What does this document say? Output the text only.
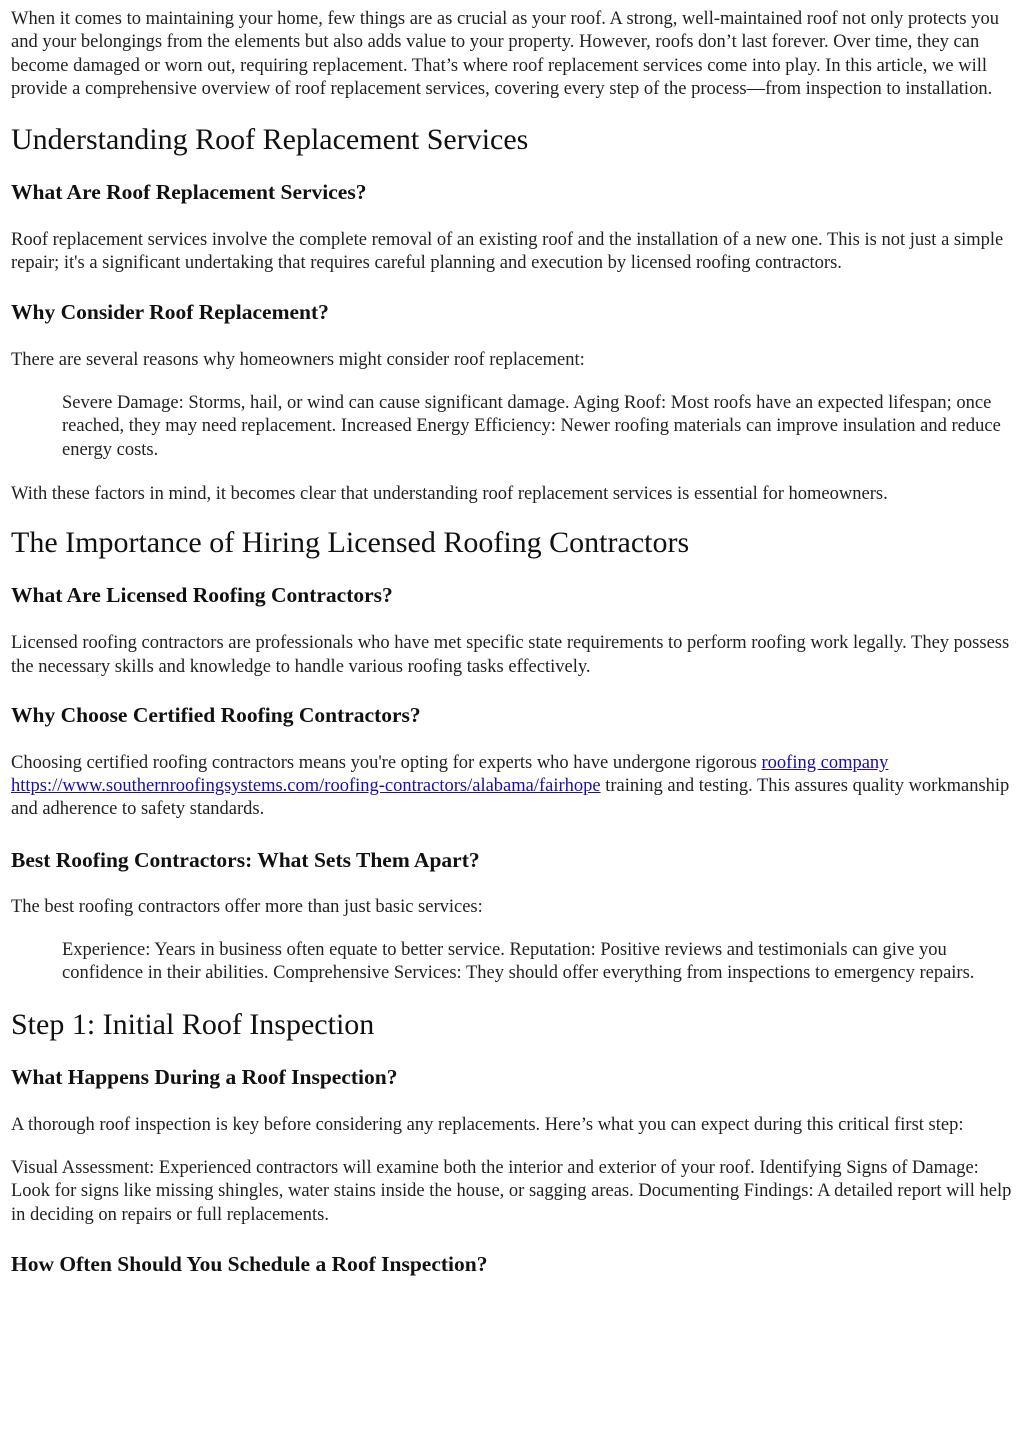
When it comes to maintaining your home, few things are as crucial as your roof. A strong, well-maintained roof not only protects you and your belongings from the elements but also adds value to your property. However, roofs don’t last forever. Over time, they can become damaged or worn out, requiring replacement. That’s where roof replacement services come into play. In this article, we will provide a comprehensive overview of roof replacement services, covering every step of the process—from inspection to installation.

Understanding Roof Replacement Services
What Are Roof Replacement Services?

Roof replacement services involve the complete removal of an existing roof and the installation of a new one. This is not just a simple repair; it's a significant undertaking that requires careful planning and execution by licensed roofing contractors.

Why Consider Roof Replacement?

There are several reasons why homeowners might consider roof replacement:

Severe Damage: Storms, hail, or wind can cause significant damage. Aging Roof: Most roofs have an expected lifespan; once reached, they may need replacement. Increased Energy Efficiency: Newer roofing materials can improve insulation and reduce energy costs.

With these factors in mind, it becomes clear that understanding roof replacement services is essential for homeowners.

The Importance of Hiring Licensed Roofing Contractors
What Are Licensed Roofing Contractors?

Licensed roofing contractors are professionals who have met specific state requirements to perform roofing work legally. They possess the necessary skills and knowledge to handle various roofing tasks effectively.

Why Choose Certified Roofing Contractors?

Choosing certified roofing contractors means you're opting for experts who have undergone rigorous roofing company
https://www.southernroofingsystems.com/roofing-contractors/alabama/fairhope training and testing. This assures quality workmanship and adherence to safety standards.

Best Roofing Contractors: What Sets Them Apart?

The best roofing contractors offer more than just basic services:

Experience: Years in business often equate to better service. Reputation: Positive reviews and testimonials can give you confidence in their abilities. Comprehensive Services: They should offer everything from inspections to emergency repairs.

Step 1: Initial Roof Inspection
What Happens During a Roof Inspection?

A thorough roof inspection is key before considering any replacements. Here’s what you can expect during this critical first step:

Visual Assessment: Experienced contractors will examine both the interior and exterior of your roof. Identifying Signs of Damage: Look for signs like missing shingles, water stains inside the house, or sagging areas. Documenting Findings: A detailed report will help in deciding on repairs or full replacements.

How Often Should You Schedule a Roof Inspection?
